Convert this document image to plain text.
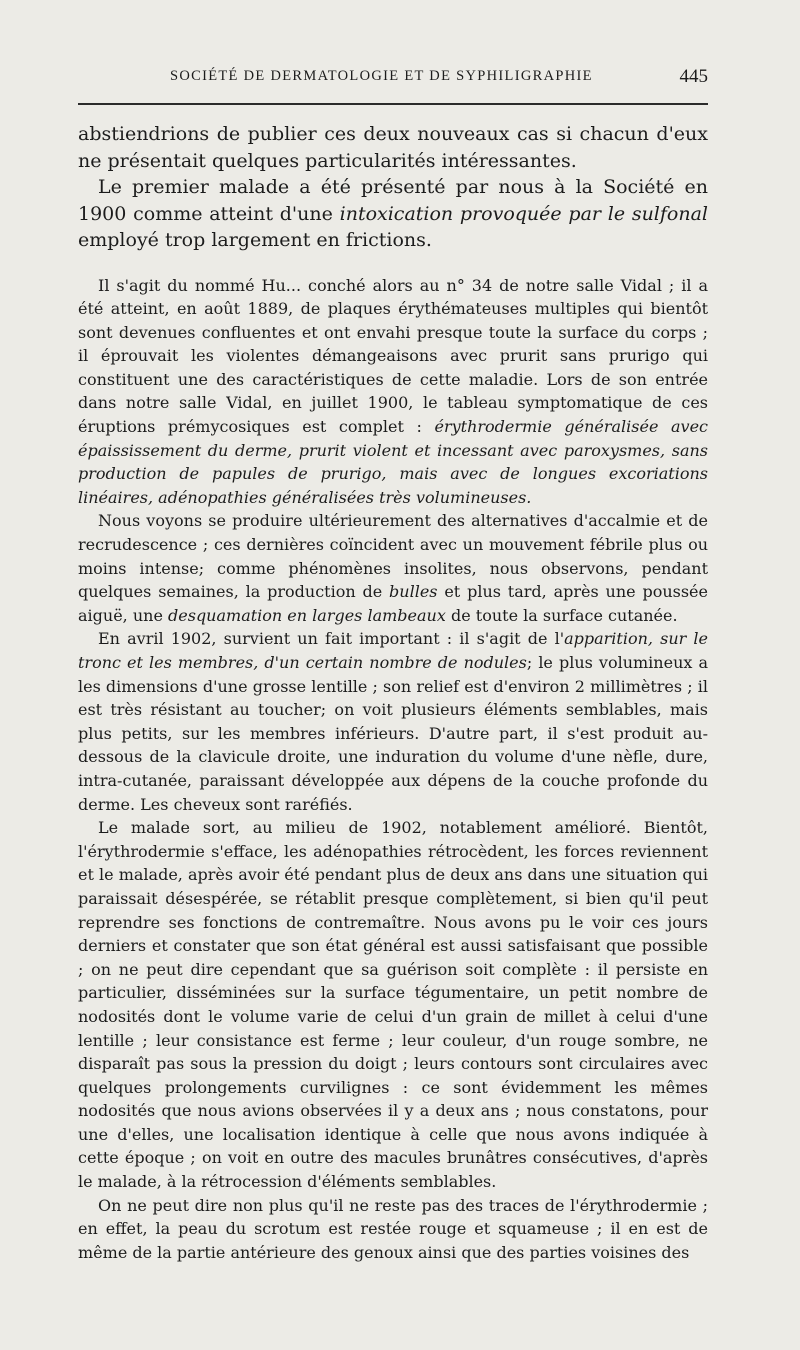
SOCIÉTÉ DE DERMATOLOGIE ET DE SYPHILIGRAPHIE	445

abstiendrions de publier ces deux nouveaux cas si chacun d'eux ne présentait quelques particularités intéressantes.

Le premier malade a été présenté par nous à la Société en 1900 comme atteint d'une intoxication provoquée par le sulfonal employé trop largement en frictions.

Il s'agit du nommé Hu... conché alors au n° 34 de notre salle Vidal ; il a été atteint, en août 1889, de plaques érythémateuses multiples qui bientôt sont devenues confluentes et ont envahi presque toute la surface du corps ; il éprouvait les violentes démangeaisons avec prurit sans prurigo qui constituent une des caractéristiques de cette maladie. Lors de son entrée dans notre salle Vidal, en juillet 1900, le tableau symptomatique de ces éruptions prémycosiques est complet : érythrodermie généralisée avec épaississement du derme, prurit violent et incessant avec paroxysmes, sans production de papules de prurigo, mais avec de longues excoriations linéaires, adénopathies généralisées très volumineuses.

Nous voyons se produire ultérieurement des alternatives d'accalmie et de recrudescence ; ces dernières coïncident avec un mouvement fébrile plus ou moins intense; comme phénomènes insolites, nous observons, pendant quelques semaines, la production de bulles et plus tard, après une poussée aiguë, une desquamation en larges lambeaux de toute la surface cutanée.

En avril 1902, survient un fait important : il s'agit de l'apparition, sur le tronc et les membres, d'un certain nombre de nodules; le plus volumineux a les dimensions d'une grosse lentille ; son relief est d'environ 2 millimètres ; il est très résistant au toucher; on voit plusieurs éléments semblables, mais plus petits, sur les membres inférieurs. D'autre part, il s'est produit au-dessous de la clavicule droite, une induration du volume d'une nèfle, dure, intra-cutanée, paraissant développée aux dépens de la couche profonde du derme. Les cheveux sont raréfiés.

Le malade sort, au milieu de 1902, notablement amélioré. Bientôt, l'érythrodermie s'efface, les adénopathies rétrocèdent, les forces reviennent et le malade, après avoir été pendant plus de deux ans dans une situation qui paraissait désespérée, se rétablit presque complètement, si bien qu'il peut reprendre ses fonctions de contremaître. Nous avons pu le voir ces jours derniers et constater que son état général est aussi satisfaisant que possible ; on ne peut dire cependant que sa guérison soit complète : il persiste en particulier, disséminées sur la surface tégumentaire, un petit nombre de nodosités dont le volume varie de celui d'un grain de millet à celui d'une lentille ; leur consistance est ferme ; leur couleur, d'un rouge sombre, ne disparaît pas sous la pression du doigt ; leurs contours sont circulaires avec quelques prolongements curvilignes : ce sont évidemment les mêmes nodosités que nous avions observées il y a deux ans ; nous constatons, pour une d'elles, une localisation identique à celle que nous avons indiquée à cette époque ; on voit en outre des macules brunâtres consécutives, d'après le malade, à la rétrocession d'éléments semblables.

On ne peut dire non plus qu'il ne reste pas des traces de l'érythrodermie ; en effet, la peau du scrotum est restée rouge et squameuse ; il en est de même de la partie antérieure des genoux ainsi que des parties voisines des
